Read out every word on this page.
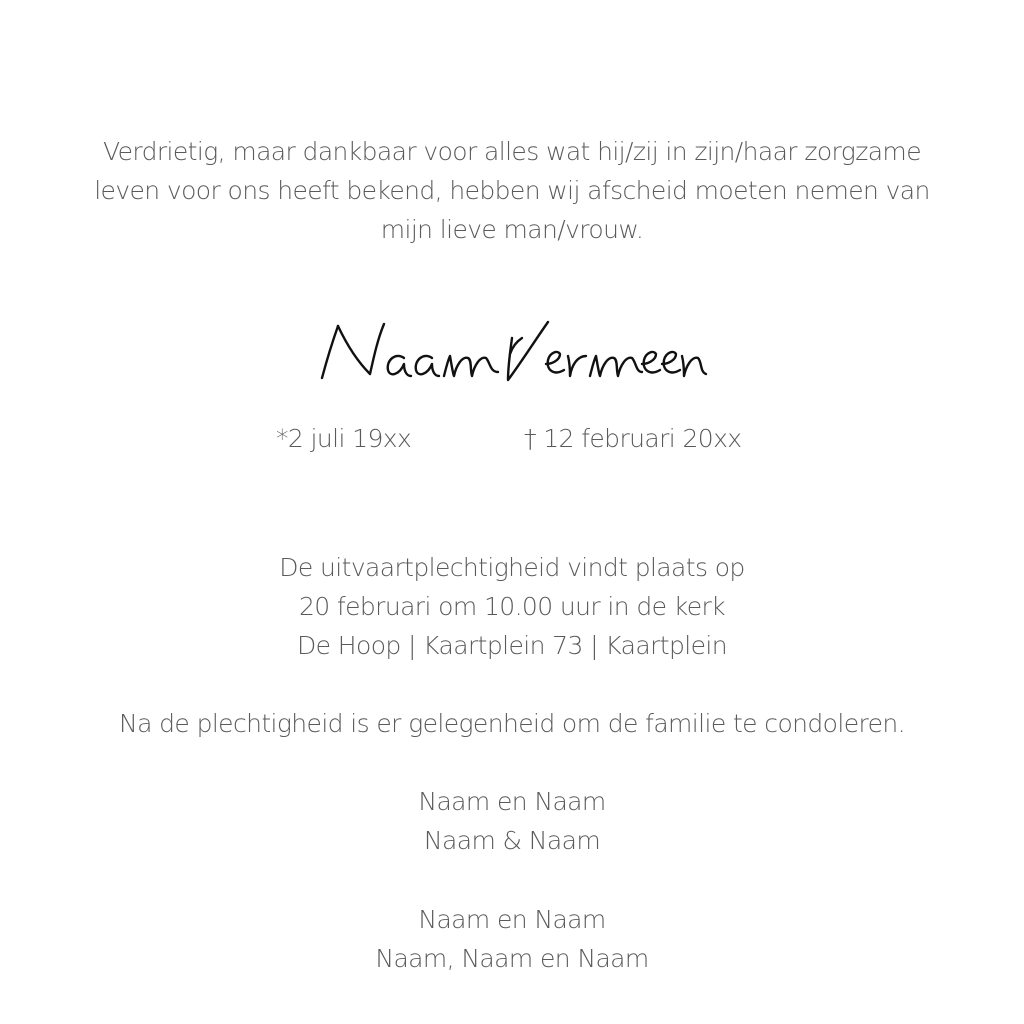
Verdrietig, maar dankbaar voor alles wat hij/zij in zijn/haar zorgzame
leven voor ons heeft bekend, hebben wij afscheid moeten nemen van
mijn lieve man/vrouw.

Naam Vermeen
*2 juli 19xx	† 12 februari 20xx

De uitvaartplechtigheid vindt plaats op
20 februari om 10.00 uur in de kerk
De Hoop | Kaartplein 73 | Kaartplein

Na de plechtigheid is er gelegenheid om de familie te condoleren.

Naam en Naam
Naam & Naam

Naam en Naam
Naam, Naam en Naam
